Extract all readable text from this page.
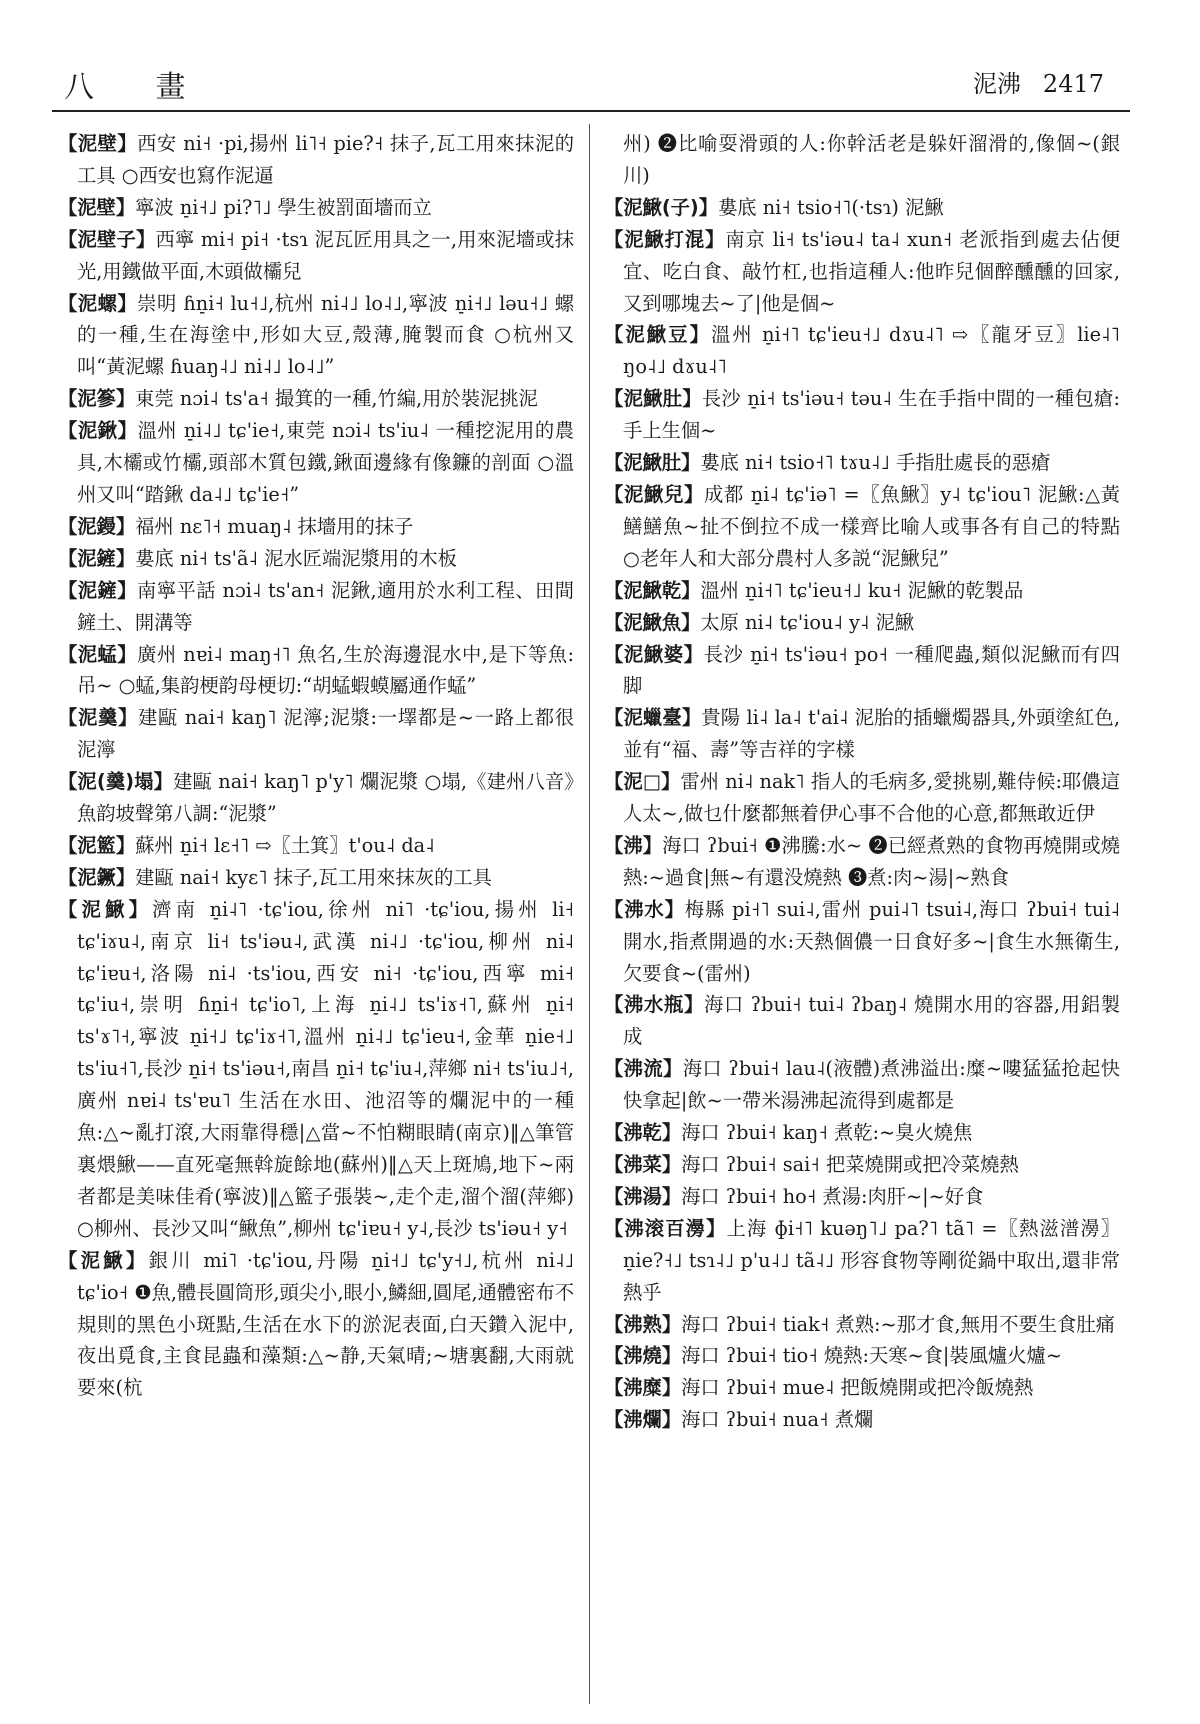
八 畫	泥沸 2417

【泥壁】西安 ni˧ ·pi,揚州 li˥˧ pie?˧ 抹子,瓦工用來抹泥的工具 ○西安也寫作泥逼

【泥壁】寧波 n̠i˧˩ pi?˥˩ 學生被罰面墻而立

【泥壁子】西寧 mi˧ pi˧ ·tsɿ 泥瓦匠用具之一,用來泥墻或抹光,用鐵做平面,木頭做欛兒

【泥螺】崇明 ɦn̠i˧ lu˧˩,杭州 ni˨˩ lo˨˩,寧波 n̠i˧˩ ləu˧˩ 螺的一種,生在海塗中,形如大豆,殼薄,腌製而食 ○杭州又叫“黃泥螺 ɦuaŋ˨˩ ni˨˩ lo˨˩”

【泥篸】東莞 nɔi˨ ts'a˧ 撮箕的一種,竹編,用於裝泥挑泥

【泥鍬】溫州 n̠i˨˩ tɕ'ie˧,東莞 nɔi˨ ts'iu˨ 一種挖泥用的農具,木欛或竹欛,頭部木質包鐵,鍬面邊緣有像鐮的剖面 ○溫州又叫“踏鍬 da˨˩ tɕ'ie˧”

【泥鏝】福州 nɛ˥˧ muaŋ˨ 抹墻用的抹子

【泥鏟】婁底 ni˧ ts'ã˨ 泥水匠端泥漿用的木板

【泥鏟】南寧平話 nɔi˨ ts'an˧ 泥鍬,適用於水利工程、田間鏟土、開溝等

【泥蜢】廣州 nɐi˨ maŋ˧˥ 魚名,生於海邊混水中,是下等魚:吊~ ○蜢,集韵梗韵母梗切:“胡蜢蝦蟆屬通作蜢”

【泥羹】建甌 nai˧ kaŋ˥ 泥濘;泥漿:一墿都是~一路上都很泥濘

【泥(羹)塌】建甌 nai˧ kaŋ˥ p'y˥ 爛泥漿 ○塌,《建州八音》魚韵坡聲第八調:“泥漿”

【泥籃】蘇州 n̠i˧ lɛ˧˥ ⇨〖土箕〗t'ou˨ da˨

【泥鐝】建甌 nai˧ kyɛ˥ 抹子,瓦工用來抹灰的工具

【泥鰍】濟南 n̠i˨˥ ·tɕ'iou,徐州 ni˥ ·tɕ'iou,揚州 li˧ tɕ'iɤu˨,南京 li˧ ts'iəu˨,武漢 ni˨˩ ·tɕ'iou,柳州 ni˨ tɕ'iɐu˧,洛陽 ni˨ ·ts'iou,西安 ni˧ ·tɕ'iou,西寧 mi˧ tɕ'iu˧,崇明 ɦn̠i˧ tɕ'io˥,上海 n̠i˨˩ ts'iɤ˧˥,蘇州 n̠i˧ ts'ɤ˥˧,寧波 n̠i˧˩ tɕ'iɤ˧˥,溫州 n̠i˨˩ tɕ'ieu˧,金華 n̠ie˧˩ ts'iu˧˥,長沙 n̠i˧ ts'iəu˧,南昌 n̠i˧ tɕ'iu˨,萍鄉 ni˧ ts'iu˩˧,廣州 nɐi˨ ts'ɐu˥ 生活在水田、池沼等的爛泥中的一種魚:△~亂打滾,大雨靠得穩|△當~不怕糊眼睛(南京)‖△筆管裏煨鰍——直死毫無斡旋餘地(蘇州)‖△天上斑鳩,地下~兩者都是美味佳肴(寧波)‖△籃子張裝~,走个走,溜个溜(萍鄉) ○柳州、長沙又叫“鰍魚”,柳州 tɕ'iɐu˧ y˨,長沙 ts'iəu˧ y˧

【泥鰍】銀川 mi˥ ·tɕ'iou,丹陽 n̠i˧˩ tɕ'y˧˩,杭州 ni˨˩ tɕ'io˧ ❶魚,體長圓筒形,頭尖小,眼小,鱗細,圓尾,通體密布不規則的黑色小斑點,生活在水下的淤泥表面,白天鑽入泥中,夜出覓食,主食昆蟲和藻類:△~静,天氣晴;~塘裏翻,大雨就要來(杭

州) ❷比喻耍滑頭的人:你幹活老是躲奸溜滑的,像個~(銀川)

【泥鰍(子)】婁底 ni˧ tsio˧˥(·tsɿ) 泥鰍

【泥鰍打混】南京 li˧ ts'iəu˨ ta˨ xun˧ 老派指到處去佔便宜、吃白食、敲竹杠,也指這種人:他昨兒個醉醺醺的回家,又到哪塊去~了|他是個~

【泥鰍豆】溫州 n̠i˧˥ tɕ'ieu˧˩ dɤu˨˥ ⇨〖龍牙豆〗lie˨˥ ŋo˨˩ dɤu˨˥

【泥鰍肚】長沙 n̠i˧ ts'iəu˧ təu˨ 生在手指中間的一種包瘡:手上生個~

【泥鰍肚】婁底 ni˧ tsio˧˥ tɤu˨˩ 手指肚處長的惡瘡

【泥鰍兒】成都 n̠i˨ tɕ'iə˥ =〖魚鰍〗y˨ tɕ'iou˥ 泥鰍:△黃鱔鱔魚~扯不倒拉不成一樣齊比喻人或事各有自己的特點 ○老年人和大部分農村人多説“泥鰍兒”

【泥鰍乾】溫州 n̠i˧˥ tɕ'ieu˧˩ ku˧ 泥鰍的乾製品

【泥鰍魚】太原 ni˨ tɕ'iou˨ y˨ 泥鰍

【泥鰍婆】長沙 n̠i˧ ts'iəu˧ po˧ 一種爬蟲,類似泥鰍而有四脚

【泥蠟臺】貴陽 li˨ la˨ t'ai˨ 泥胎的插蠟燭器具,外頭塗紅色,並有“福、壽”等吉祥的字樣

【泥□】雷州 ni˨ nak˥ 指人的毛病多,愛挑剔,難侍候:耶儂這人太~,做乜什麼都無着伊心事不合他的心意,都無敢近伊

【沸】海口 ʔbui˧ ❶沸騰:水~ ❷已經煮熟的食物再燒開或燒熱:~過食|無~有還没燒熱 ❸煮:肉~湯|~熟食

【沸水】梅縣 pi˧˥ sui˨,雷州 pui˨˥ tsui˨,海口 ʔbui˧ tui˨ 開水,指煮開過的水:天熱個儂一日食好多~|食生水無衛生,欠要食~(雷州)

【沸水瓶】海口 ʔbui˧ tui˨ ʔbaŋ˨ 燒開水用的容器,用鋁製成

【沸流】海口 ʔbui˧ lau˨(液體)煮沸溢出:糜~嘍猛猛抢起快快拿起|飲~一帶米湯沸起流得到處都是

【沸乾】海口 ʔbui˧ kaŋ˧ 煮乾:~臭火燒焦

【沸菜】海口 ʔbui˧ sai˧ 把菜燒開或把冷菜燒熱

【沸湯】海口 ʔbui˧ ho˧ 煮湯:肉肝~|~好食

【沸滚百澷】上海 ɸi˧˥ kuəŋ˥˩ pa?˥ tã˥ =〖熱滋潽澷〗n̠ie?˧˩ tsɿ˨˩ p'u˨˩ tã˨˩ 形容食物等剛從鍋中取出,還非常熱乎

【沸熟】海口 ʔbui˧ tiak˧ 煮熟:~那才食,無用不要生食肚痛

【沸燒】海口 ʔbui˧ tio˧ 燒熱:天寒~食|裝風爐火爐~

【沸糜】海口 ʔbui˧ mue˨ 把飯燒開或把冷飯燒熱

【沸爛】海口 ʔbui˧ nua˧ 煮爛
